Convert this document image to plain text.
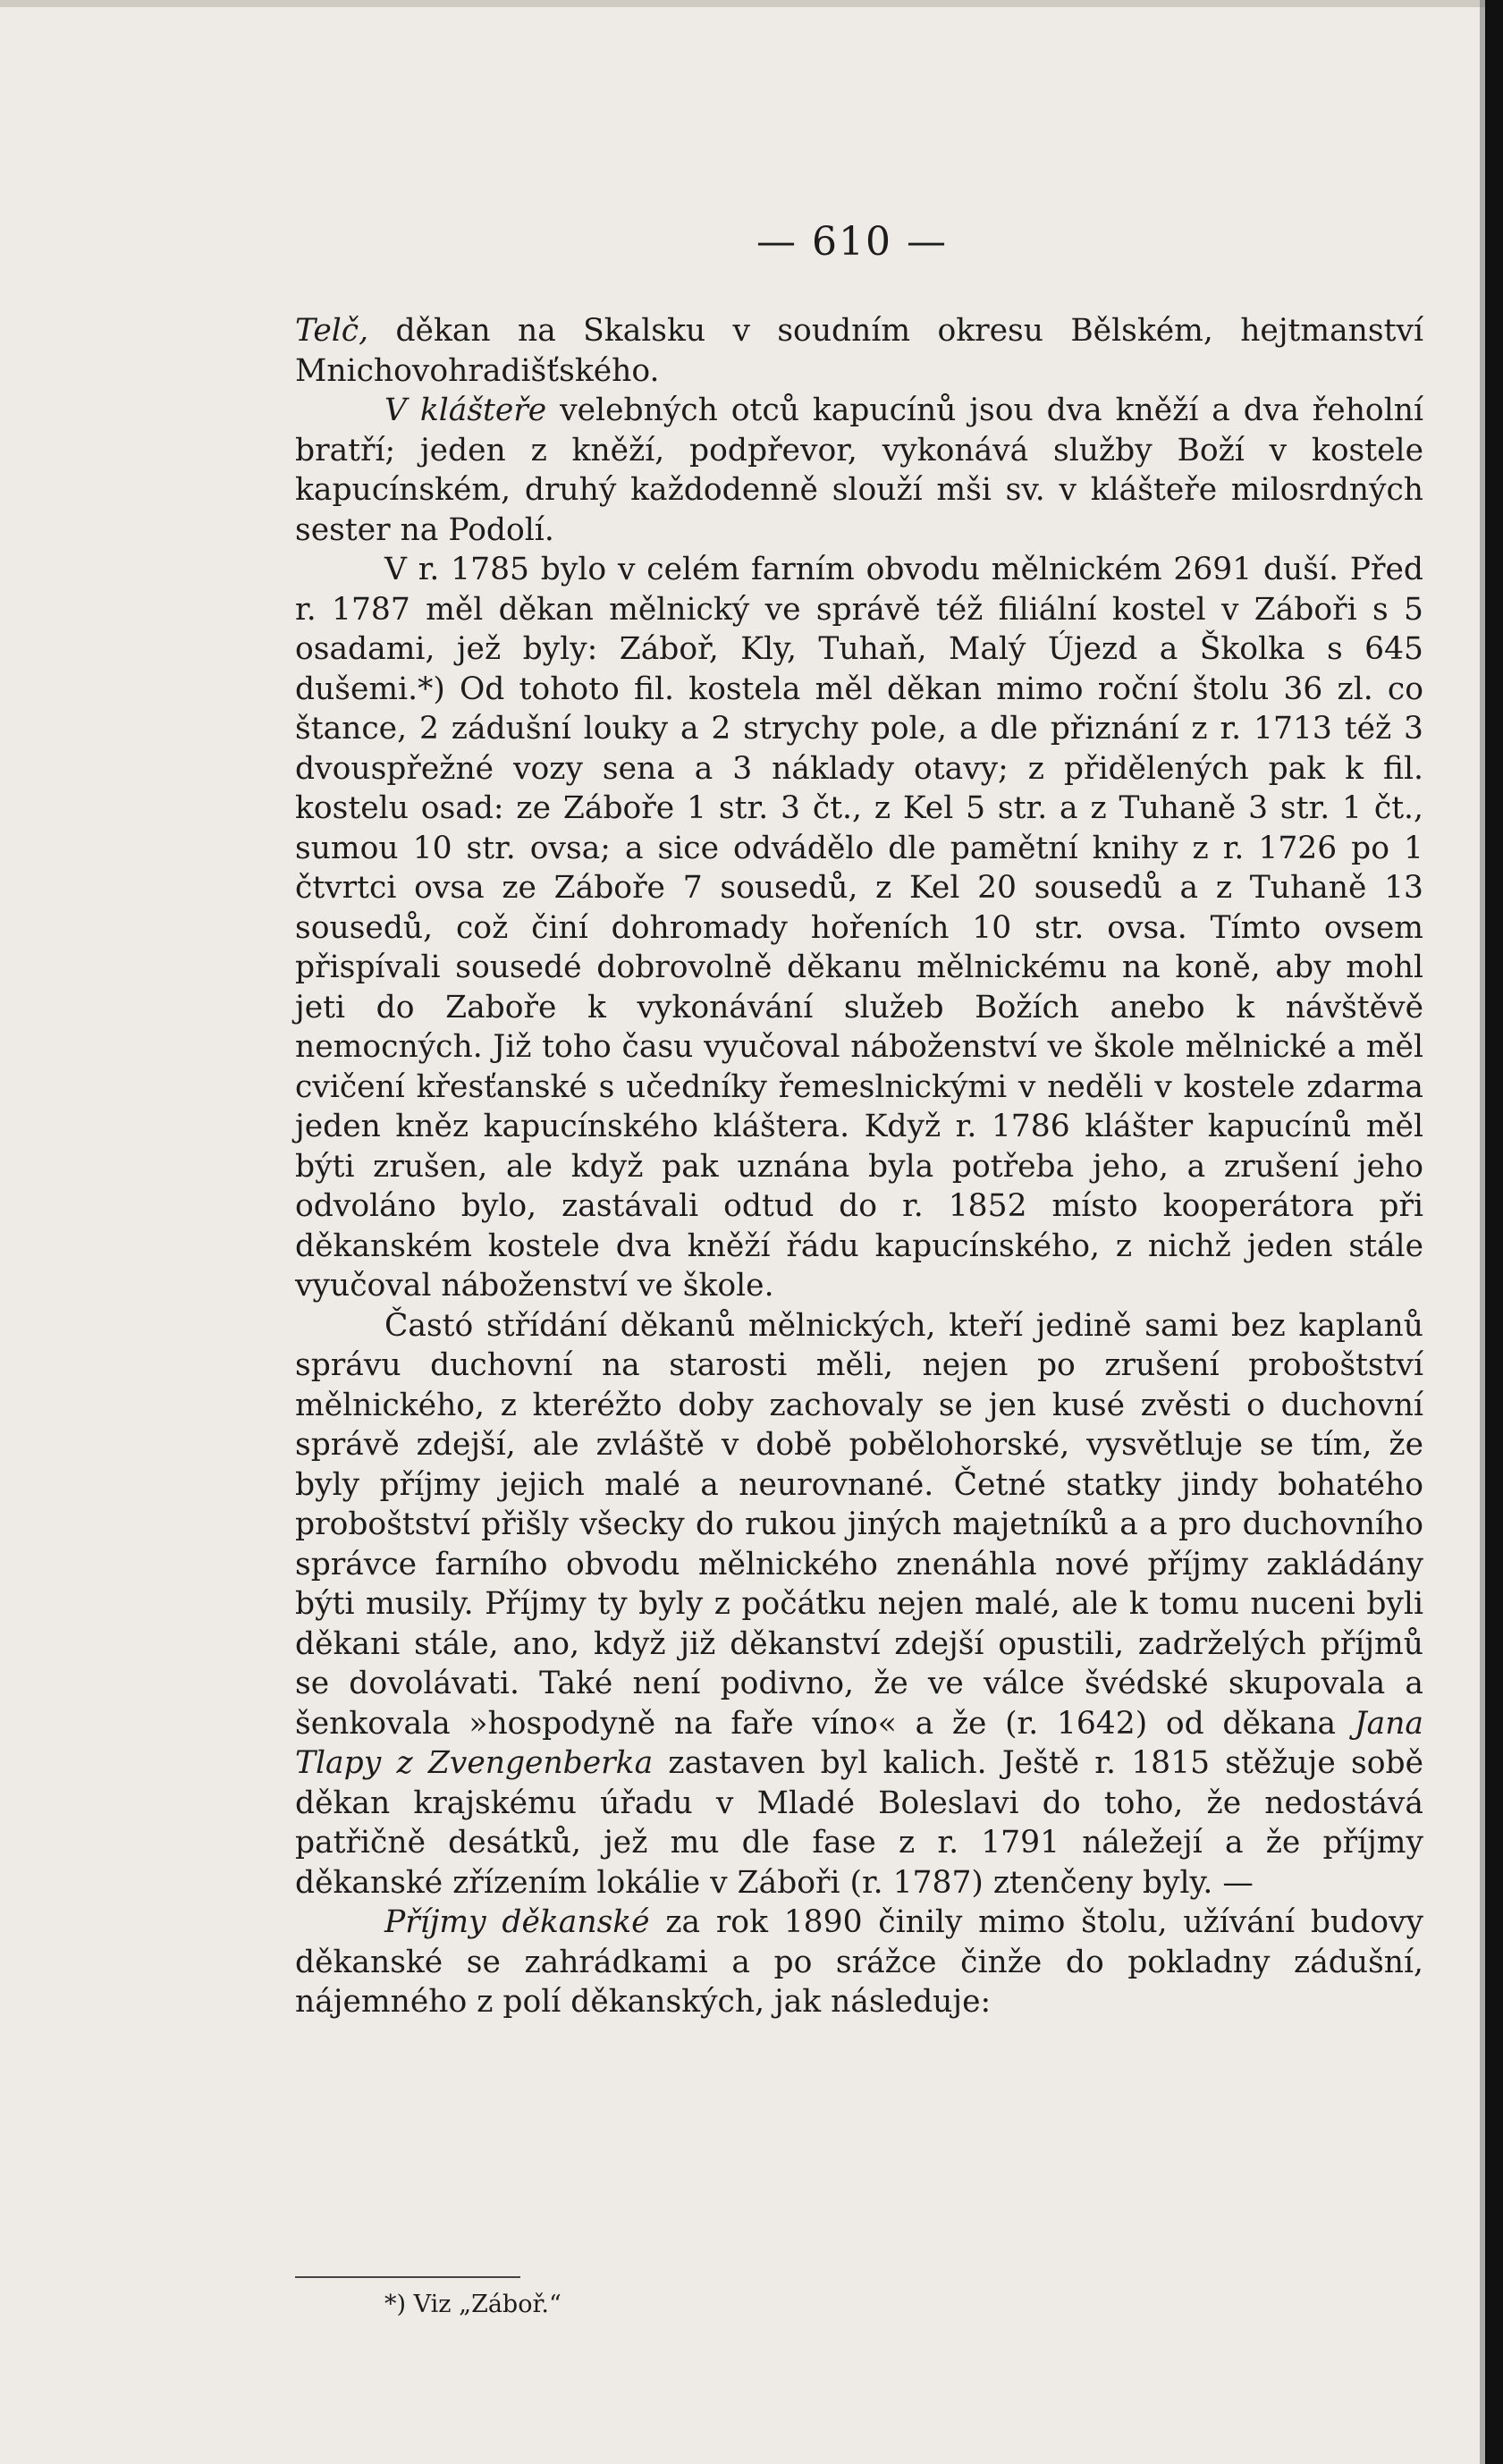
— 610 —

Telč, děkan na Skalsku v soudním okresu Bělském, hejtmanství Mnichovohradišťského.

V klášteře velebných otců kapucínů jsou dva kněží a dva řeholní bratří; jeden z kněží, podpřevor, vykonává služby Boží v kostele kapucínském, druhý každodenně slouží mši sv. v klášteře milosrdných sester na Podolí.

V r. 1785 bylo v celém farním obvodu mělnickém 2691 duší. Před r. 1787 měl děkan mělnický ve správě též filiální kostel v Záboři s 5 osadami, jež byly: Záboř, Kly, Tuhaň, Malý Újezd a Školka s 645 dušemi.*) Od tohoto fil. kostela měl děkan mimo roční štolu 36 zl. co štance, 2 zádušní louky a 2 strychy pole, a dle přiznání z r. 1713 též 3 dvouspřežné vozy sena a 3 náklady otavy; z přidělených pak k fil. kostelu osad: ze Záboře 1 str. 3 čt., z Kel 5 str. a z Tuhaně 3 str. 1 čt., sumou 10 str. ovsa; a sice odvádělo dle pamětní knihy z r. 1726 po 1 čtvrtci ovsa ze Záboře 7 sousedů, z Kel 20 sousedů a z Tuhaně 13 sousedů, což činí dohromady hořeních 10 str. ovsa. Tímto ovsem přispívali sousedé dobrovolně děkanu mělnickému na koně, aby mohl jeti do Zaboře k vykonávání služeb Božích anebo k návštěvě nemocných. Již toho času vyučoval náboženství ve škole mělnické a měl cvičení křesťanské s učedníky řemeslnickými v neděli v kostele zdarma jeden kněz kapucínského kláštera. Když r. 1786 klášter kapucínů měl býti zrušen, ale když pak uznána byla potřeba jeho, a zrušení jeho odvoláno bylo, zastávali odtud do r. 1852 místo kooperátora při děkanském kostele dva kněží řádu kapucínského, z nichž jeden stále vyučoval náboženství ve škole.

Častó střídání děkanů mělnických, kteří jedině sami bez kaplanů správu duchovní na starosti měli, nejen po zrušení proboštství mělnického, z kteréžto doby zachovaly se jen kusé zvěsti o duchovní správě zdejší, ale zvláště v době pobělohorské, vysvětluje se tím, že byly příjmy jejich malé a neurovnané. Četné statky jindy bohatého proboštství přišly všecky do rukou jiných majetníků a a pro duchovního správce farního obvodu mělnického znenáhla nové příjmy zakládány býti musily. Příjmy ty byly z počátku nejen malé, ale k tomu nuceni byli děkani stále, ano, když již děkanství zdejší opustili, zadrželých příjmů se dovolávati. Také není podivno, že ve válce švédské skupovala a šenkovala »hospodyně na faře víno« a že (r. 1642) od děkana Jana Tlapy z Zvengenberka zastaven byl kalich. Ještě r. 1815 stěžuje sobě děkan krajskému úřadu v Mladé Boleslavi do toho, že nedostává patřičně desátků, jež mu dle fase z r. 1791 náležejí a že příjmy děkanské zřízením lokálie v Záboři (r. 1787) ztenčeny byly. —

Příjmy děkanské za rok 1890 činily mimo štolu, užívání budovy děkanské se zahrádkami a po srážce činže do pokladny zádušní, nájemného z polí děkanských, jak následuje:

*) Viz „Záboř.“
